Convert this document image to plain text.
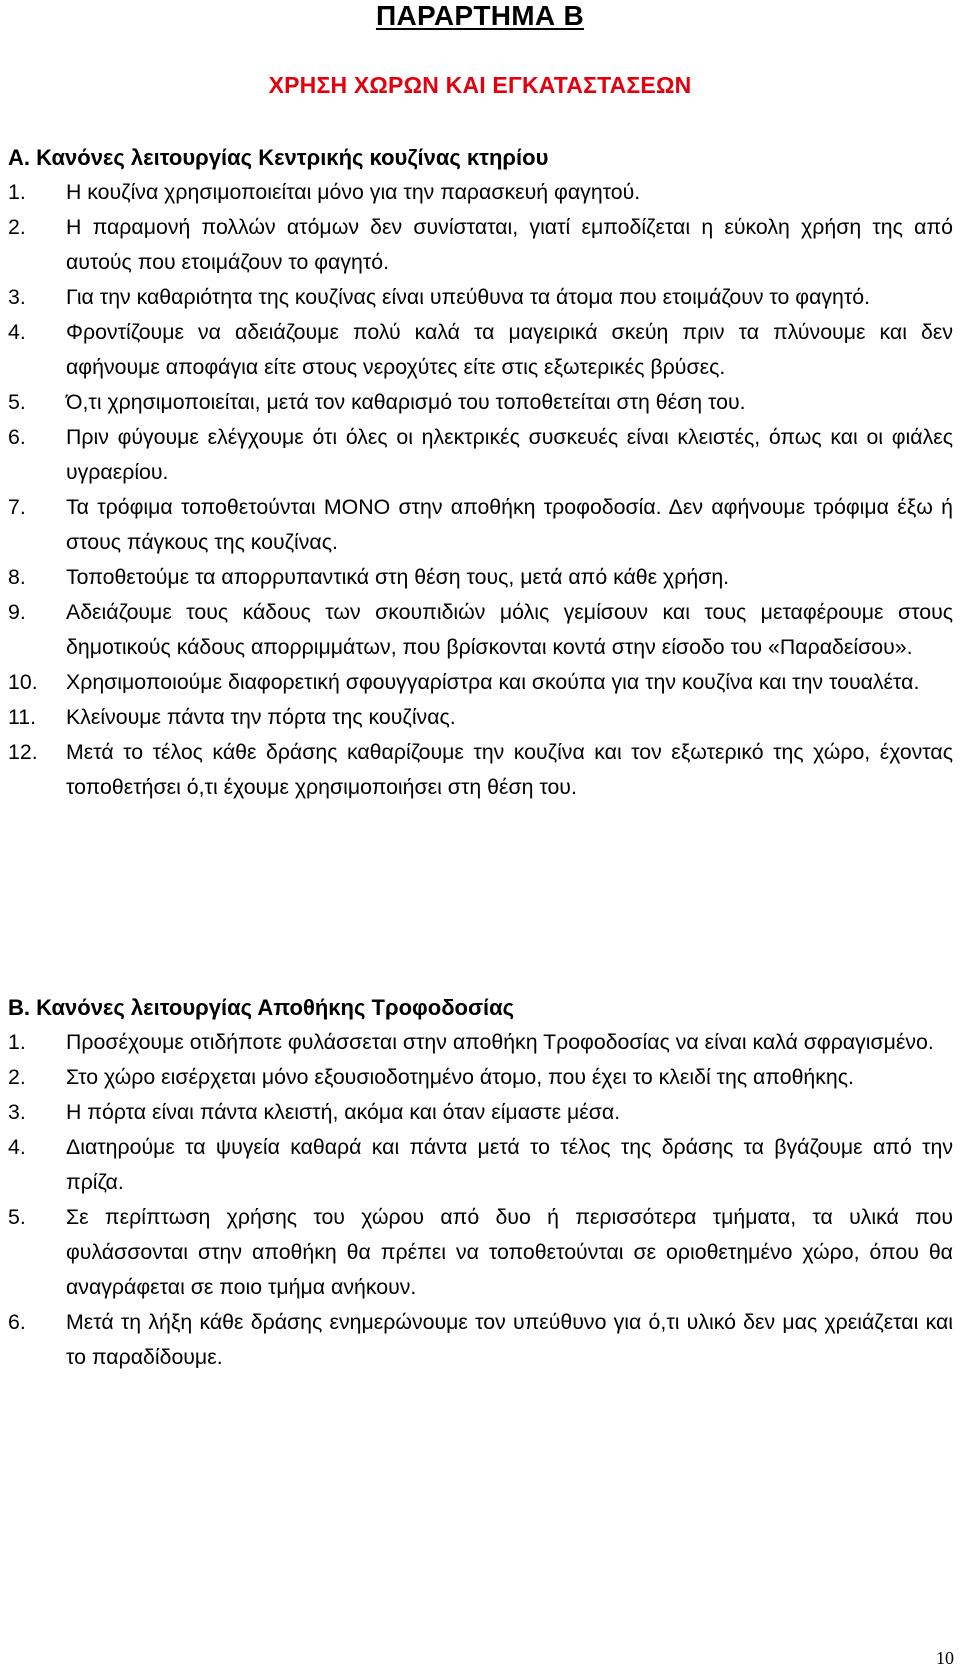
ΠΑΡΑΡΤΗΜΑ Β
ΧΡΗΣΗ ΧΩΡΩΝ ΚΑΙ ΕΓΚΑΤΑΣΤΑΣΕΩΝ
Α. Κανόνες λειτουργίας Κεντρικής κουζίνας κτηρίου
1.	Η κουζίνα χρησιμοποιείται μόνο για την παρασκευή φαγητού.
2.	Η παραμονή πολλών ατόμων δεν συνίσταται, γιατί εμποδίζεται η εύκολη χρήση της από αυτούς που ετοιμάζουν το φαγητό.
3.	Για την καθαριότητα της κουζίνας είναι υπεύθυνα τα άτομα που ετοιμάζουν το φαγητό.
4.	Φροντίζουμε να αδειάζουμε πολύ καλά τα μαγειρικά σκεύη πριν τα πλύνουμε και δεν αφήνουμε αποφάγια είτε στους νεροχύτες είτε στις εξωτερικές βρύσες.
5.	Ό,τι χρησιμοποιείται, μετά τον καθαρισμό του τοποθετείται στη θέση του.
6.	Πριν φύγουμε ελέγχουμε ότι όλες οι ηλεκτρικές συσκευές είναι κλειστές, όπως και οι φιάλες υγραερίου.
7.	Τα τρόφιμα τοποθετούνται ΜΟΝΟ στην αποθήκη τροφοδοσία. Δεν αφήνουμε τρόφιμα έξω ή στους πάγκους της κουζίνας.
8.	Τοποθετούμε τα απορρυπαντικά στη θέση τους, μετά από κάθε χρήση.
9.	Αδειάζουμε τους κάδους των σκουπιδιών μόλις γεμίσουν και τους μεταφέρουμε στους δημοτικούς κάδους απορριμμάτων, που βρίσκονται κοντά στην είσοδο του «Παραδείσου».
10.	Χρησιμοποιούμε διαφορετική σφουγγαρίστρα και σκούπα για την κουζίνα και την τουαλέτα.
11.	Κλείνουμε πάντα την πόρτα της κουζίνας.
12.	Μετά το τέλος κάθε δράσης καθαρίζουμε την κουζίνα και τον εξωτερικό της χώρο, έχοντας τοποθετήσει ό,τι έχουμε χρησιμοποιήσει στη θέση του.
Β. Κανόνες λειτουργίας Αποθήκης Τροφοδοσίας
1.	Προσέχουμε οτιδήποτε φυλάσσεται στην αποθήκη Τροφοδοσίας να είναι καλά σφραγισμένο.
2.	Στο χώρο εισέρχεται μόνο εξουσιοδοτημένο άτομο, που έχει το κλειδί της αποθήκης.
3.	Η πόρτα είναι πάντα κλειστή, ακόμα και όταν είμαστε μέσα.
4.	Διατηρούμε τα ψυγεία καθαρά και πάντα μετά το τέλος της δράσης τα βγάζουμε από την πρίζα.
5.	Σε περίπτωση χρήσης του χώρου από δυο ή περισσότερα τμήματα, τα υλικά που φυλάσσονται στην αποθήκη θα πρέπει να τοποθετούνται σε οριοθετημένο χώρο, όπου θα αναγράφεται σε ποιο τμήμα ανήκουν.
6.	Μετά τη λήξη κάθε δράσης ενημερώνουμε τον υπεύθυνο για ό,τι υλικό δεν μας χρειάζεται και το παραδίδουμε.
10
